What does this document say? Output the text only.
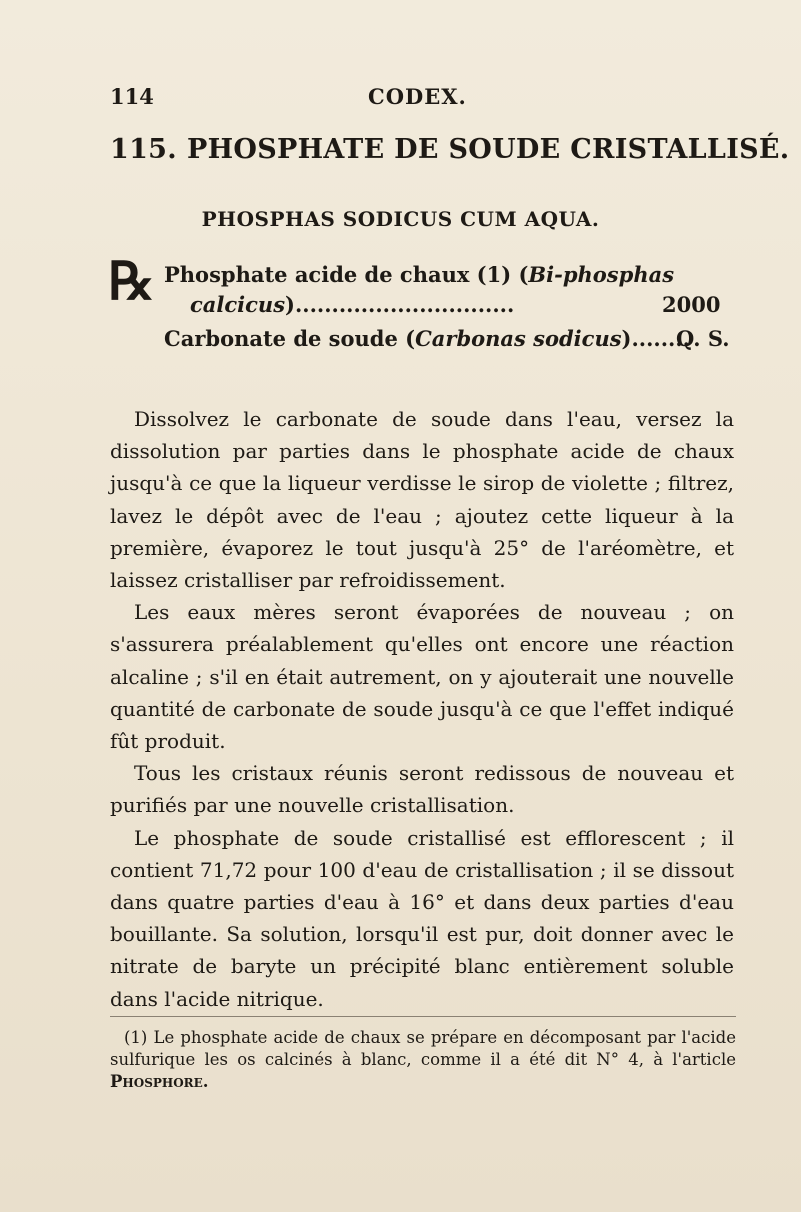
114	CODEX.
115. PHOSPHATE DE SOUDE CRISTALLISÉ.
PHOSPHAS SODICUS CUM AQUA.
℞ Phosphate acide de chaux (1) (Bi-phosphas
calcicus)..............................	2000
Carbonate de soude (Carbonas sodicus)........
Q. S.

Dissolvez le carbonate de soude dans l'eau, versez la dissolution par parties dans le phosphate acide de chaux jusqu'à ce que la liqueur verdisse le sirop de violette ; filtrez, lavez le dépôt avec de l'eau ; ajoutez cette liqueur à la première, évaporez le tout jusqu'à 25° de l'aréomètre, et laissez cristalliser par refroidissement.

Les eaux mères seront évaporées de nouveau ; on s'assurera préalablement qu'elles ont encore une réaction alcaline ; s'il en était autrement, on y ajouterait une nouvelle quantité de carbonate de soude jusqu'à ce que l'effet indiqué fût produit.

Tous les cristaux réunis seront redissous de nouveau et purifiés par une nouvelle cristallisation.

Le phosphate de soude cristallisé est efflorescent ; il contient 71,72 pour 100 d'eau de cristallisation ; il se dissout dans quatre parties d'eau à 16° et dans deux parties d'eau bouillante. Sa solution, lorsqu'il est pur, doit donner avec le nitrate de baryte un précipité blanc entièrement soluble dans l'acide nitrique.

(1) Le phosphate acide de chaux se prépare en décomposant par l'acide sulfurique les os calcinés à blanc, comme il a été dit N° 4, à l'article Phosphore.
